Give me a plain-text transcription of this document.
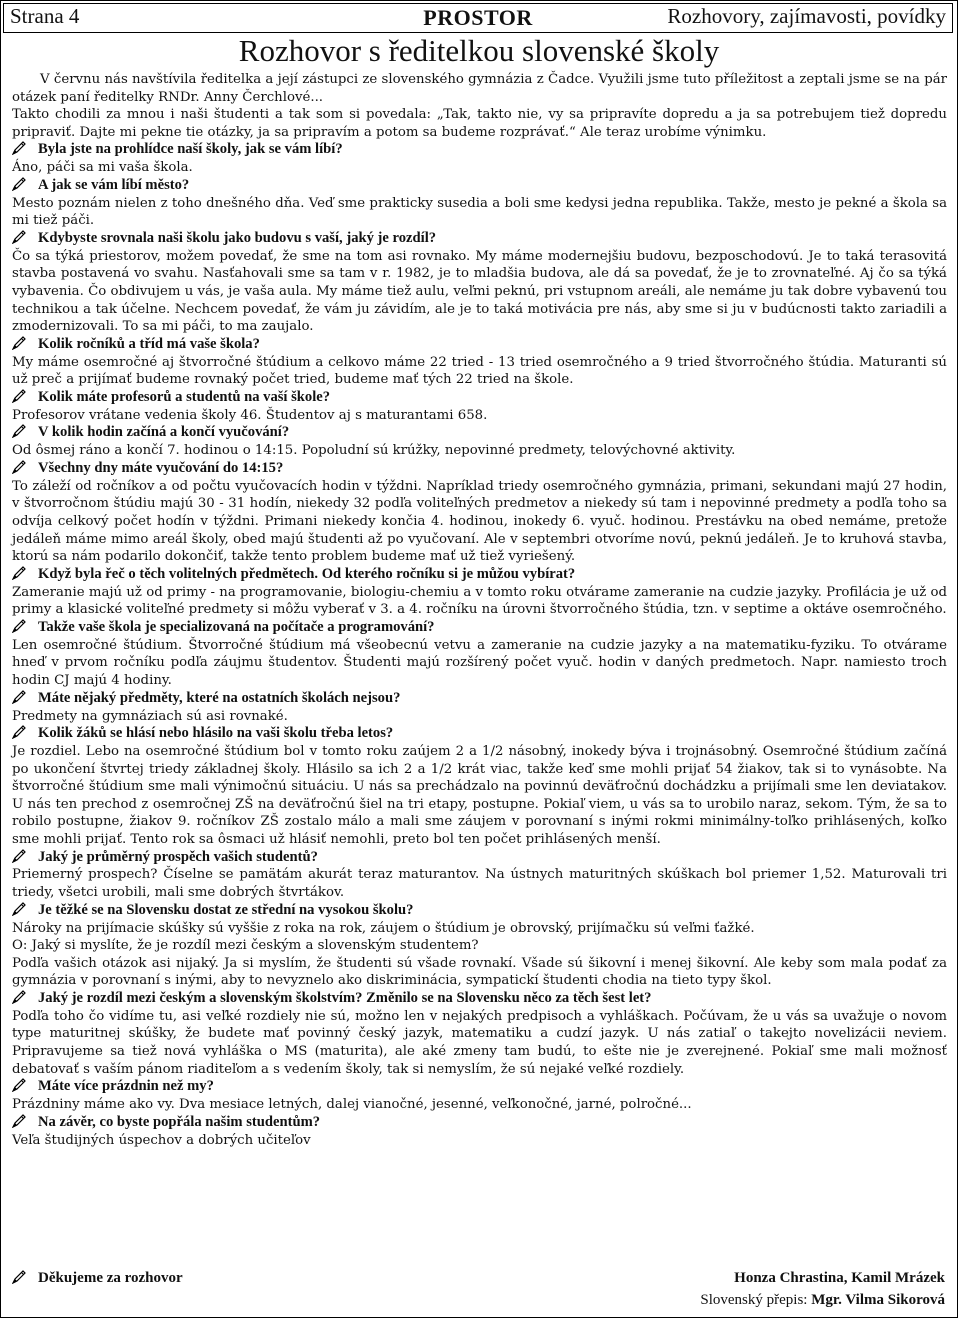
Strana 4	PROSTOR	Rozhovory, zajímavosti, povídky
Rozhovor s ředitelkou slovenské školy

V červnu nás navštívila ředitelka a její zástupci ze slovenského gymnázia z Čadce. Využili jsme tuto příležitost a zeptali jsme se na pár otázek paní ředitelky RNDr. Anny Čerchlové...

Takto chodili za mnou i naši študenti a tak som si povedala: „Tak, takto nie, vy sa pripravíte dopredu a ja sa potrebujem tiež dopredu pripraviť. Dajte mi pekne tie otázky, ja sa pripravím a potom sa budeme rozprávať.“ Ale teraz urobíme výnimku.

Byla jste na prohlídce naší školy, jak se vám líbí?

Áno, páči sa mi vaša škola.

A jak se vám líbí město?

Mesto poznám nielen z toho dnešného dňa. Veď sme prakticky susedia a boli sme kedysi jedna republika. Takže, mesto je pekné a škola sa mi tiež páči.

Kdybyste srovnala naši školu jako budovu s vaší, jaký je rozdíl?

Čo sa týká priestorov, možem povedať, že sme na tom asi rovnako. My máme modernejšiu budovu, bezposchodovú. Je to taká terasovitá stavba postavená vo svahu. Nasťahovali sme sa tam v r. 1982, je to mladšia budova, ale dá sa povedať, že je to zrovnateľné. Aj čo sa týká vybavenia. Čo obdivujem u vás, je vaša aula. My máme tiež aulu, veľmi peknú, pri vstupnom areáli, ale nemáme ju tak dobre vybavenú tou technikou a tak účelne. Nechcem povedať, že vám ju závidím, ale je to taká motivácia pre nás, aby sme si ju v budúcnosti takto zariadili a zmodernizovali. To sa mi páči, to ma zaujalo.

Kolik ročníků a tříd má vaše škola?

My máme osemročné aj štvorročné štúdium a celkovo máme 22 tried - 13 tried osemročného a 9 tried štvorročného štúdia. Maturanti sú už preč a prijímať budeme rovnaký počet tried, budeme mať tých 22 tried na škole.

Kolik máte profesorů a studentů na vaší škole?

Profesorov vrátane vedenia školy 46. Študentov aj s maturantami 658.

V kolik hodin začíná a končí vyučování?

Od ôsmej ráno a končí 7. hodinou o 14:15. Popoludní sú krúžky, nepovinné predmety, telovýchovné aktivity.

Všechny dny máte vyučování do 14:15?

To záleží od ročníkov a od počtu vyučovacích hodin v týždni. Napríklad triedy osemročného gymnázia, primani, sekundani majú 27 hodin, v štvorročnom štúdiu majú 30 - 31 hodín, niekedy 32 podľa voliteľných predmetov a niekedy sú tam i nepovinné predmety a podľa toho sa odvíja celkový počet hodín v týždni. Primani niekedy končia 4. hodinou, inokedy 6. vyuč. hodinou. Prestávku na obed nemáme, pretože jedáleň máme mimo areál školy, obed majú študenti až po vyučovaní. Ale v septembri otvoríme novú, peknú jedáleň. Je to kruhová stavba, ktorú sa nám podarilo dokončiť, takže tento problem budeme mať už tiež vyriešený.

Když byla řeč o těch volitelných předmětech. Od kterého ročníku si je můžou vybírat?

Zameranie majú už od primy - na programovanie, biologiu-chemiu a v tomto roku otvárame zameranie na cudzie jazyky. Profilácia je už od primy a klasické voliteľné predmety si môžu vyberať v 3. a 4. ročníku na úrovni štvorročného štúdia, tzn. v septime a oktáve osemročného.

Takže vaše škola je specializovaná na počítače a programování?

Len osemročné štúdium. Štvorročné štúdium má všeobecnú vetvu a zameranie na cudzie jazyky a na matematiku-fyziku. To otvárame hneď v prvom ročníku podľa záujmu študentov. Študenti majú rozšírený počet vyuč. hodin v daných predmetoch. Napr. namiesto troch hodin CJ majú 4 hodiny.

Máte nějaký předměty, které na ostatních školách nejsou?

Predmety na gymnáziach sú asi rovnaké.

Kolik žáků se hlásí nebo hlásilo na vaši školu třeba letos?

Je rozdiel. Lebo na osemročné štúdium bol v tomto roku zaújem 2 a 1/2 násobný, inokedy býva i trojnásobný. Osemročné štúdium začíná po ukončení štvrtej triedy základnej školy. Hlásilo sa ich 2 a 1/2 krát viac, takže keď sme mohli prijať 54 žiakov, tak si to vynásobte. Na štvorročné štúdium sme mali výnimočnú situáciu. U nás sa prechádzalo na povinnú deväťročnú dochádzku a prijímali sme len deviatakov. U nás ten prechod z osemročnej ZŠ na deväťročnú šiel na tri etapy, postupne. Pokiaľ viem, u vás sa to urobilo naraz, sekom. Tým, že sa to robilo postupne, žiakov 9. ročníkov ZŠ zostalo málo a mali sme záujem v porovnaní s inými rokmi minimálny-toľko prihlásených, koľko sme mohli prijať. Tento rok sa ôsmaci už hlásiť nemohli, preto bol ten počet prihlásených menší.

Jaký je průměrný prospěch vašich studentů?

Priemerný prospech? Číselne se pamätám akurát teraz maturantov. Na ústnych maturitných skúškach bol priemer 1,52. Maturovali tri triedy, všetci urobili, mali sme dobrých štvrtákov.

Je těžké se na Slovensku dostat ze střední na vysokou školu?

Nároky na prijímacie skúšky sú vyššie z roka na rok, záujem o štúdium je obrovský, prijímačku sú veľmi ťažké.

O: Jaký si myslíte, že je rozdíl mezi českým a slovenským studentem?

Podľa vašich otázok asi nijaký. Ja si myslím, že študenti sú všade rovnakí. Všade sú šikovní i menej šikovní. Ale keby som mala podať za gymnázia v porovnaní s inými, aby to nevyznelo ako diskriminácia, sympatickí študenti chodia na tieto typy škol.

Jaký je rozdíl mezi českým a slovenským školstvím? Změnilo se na Slovensku něco za těch šest let?

Podľa toho čo vidíme tu, asi veľké rozdiely nie sú, možno len v nejakých predpisoch a vyhláškach. Počúvam, že u vás sa uvažuje o novom type maturitnej skúšky, že budete mať povinný český jazyk, matematiku a cudzí jazyk. U nás zatiaľ o takejto novelizácii neviem. Pripravujeme sa tiež nová vyhláška o MS (maturita), ale aké zmeny tam budú, to ešte nie je zverejnené. Pokiaľ sme mali možnosť debatovať s vaším pánom riaditeľom a s vedením školy, tak si nemyslím, že sú nejaké veľké rozdiely.

Máte více prázdnin než my?

Prázdniny máme ako vy. Dva mesiace letných, dalej vianočné, jesenné, veľkonočné, jarné, polročné...

Na závěr, co byste popřála našim studentům?

Veľa študijných úspechov a dobrých učiteľov

Děkujeme za rozhovor	Honza Chrastina, Kamil Mrázek
Slovenský přepis: Mgr. Vilma Sikorová
